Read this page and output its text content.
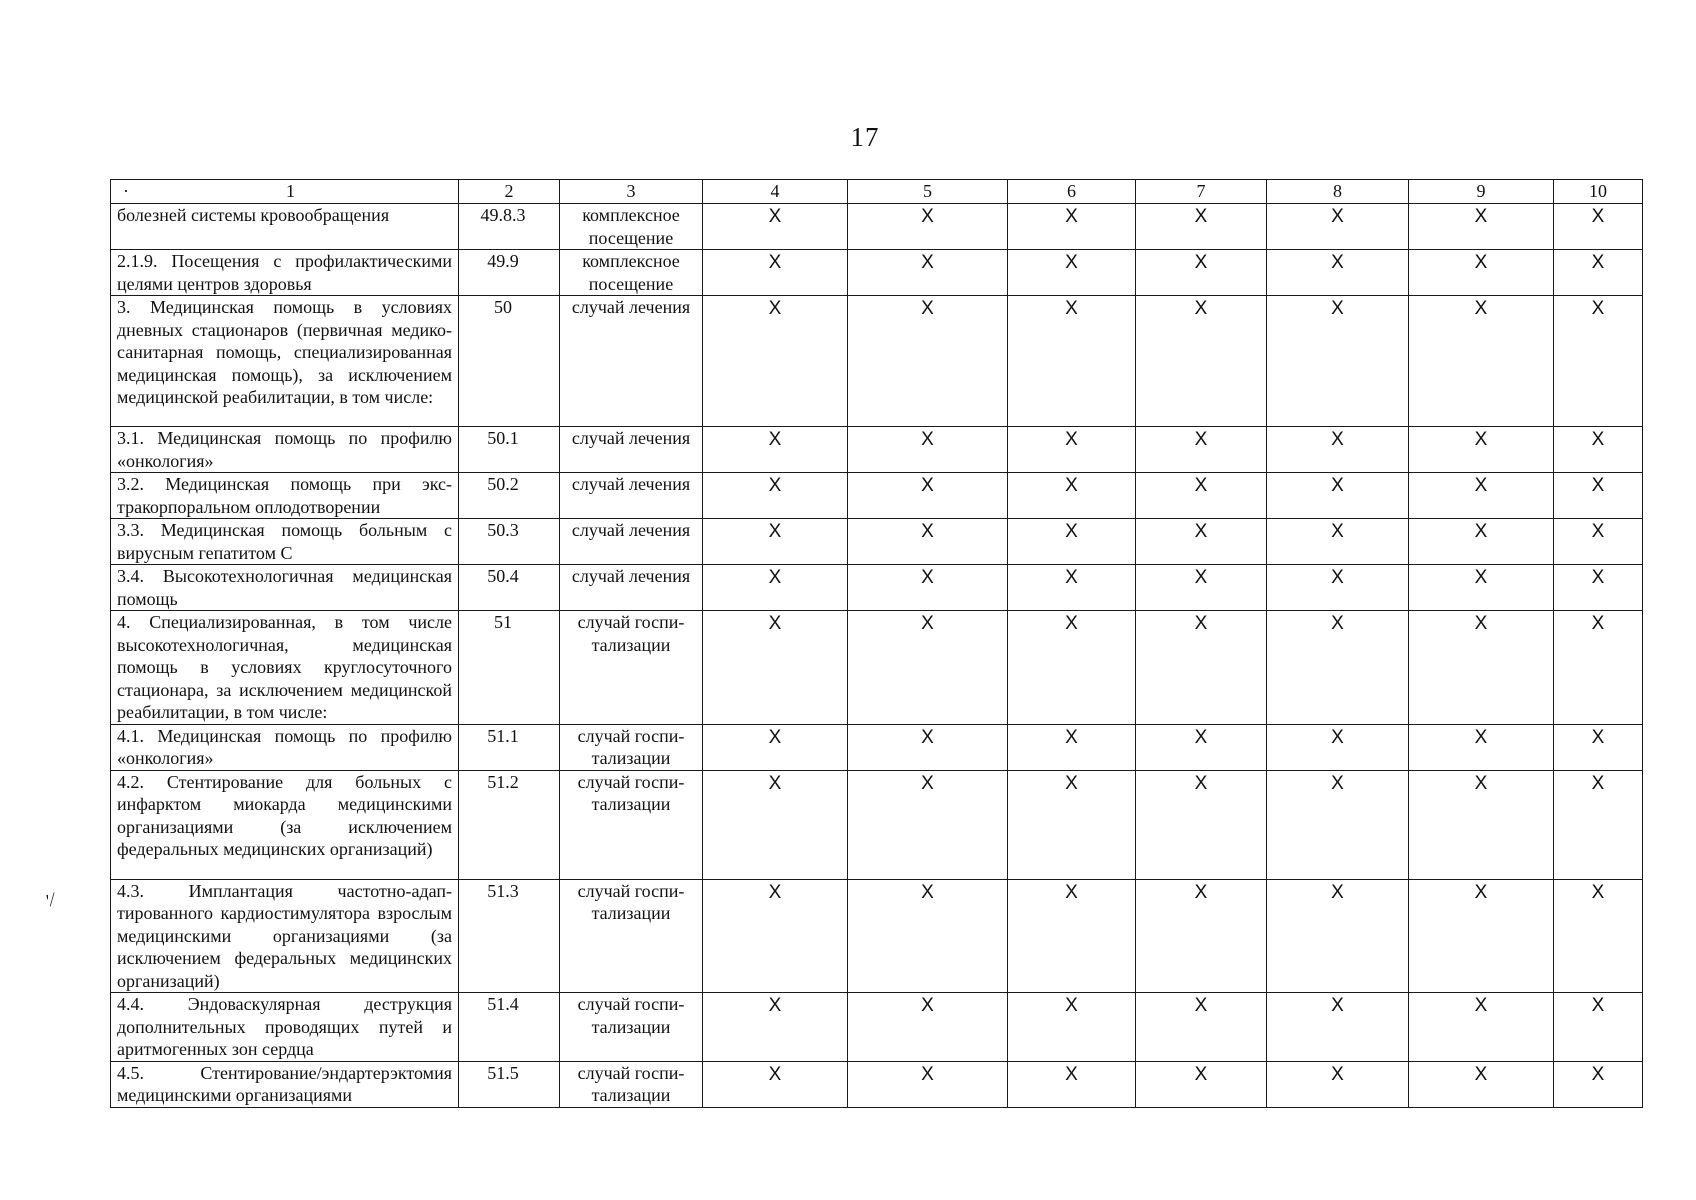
17
ʹ⁄
· 1	2	3	4	5	6	7	8	9	10
болезней системы кровообращения	49.8.3	комплексное посещение	X	X	X	X	X	X	X
2.1.9. Посещения с профилактическими целями центров здоровья	49.9	комплексное посещение	X	X	X	X	X	X	X
3. Медицинская помощь в условиях дневных стационаров (первичная медико-санитарная помощь, специализированная медицинская помощь), за исключением медицинской реабилитации, в том числе:	50	случай лечения	X	X	X	X	X	X	X
3.1. Медицинская помощь по профилю «онкология»	50.1	случай лечения	X	X	X	X	X	X	X
3.2. Медицинская помощь при экстракорпоральном оплодотворении	50.2	случай лечения	X	X	X	X	X	X	X
3.3. Медицинская помощь больным с вирусным гепатитом С	50.3	случай лечения	X	X	X	X	X	X	X
3.4. Высокотехнологичная медицинская помощь	50.4	случай лечения	X	X	X	X	X	X	X
4. Специализированная, в том числе высокотехнологичная, медицинская помощь в условиях круглосуточного стационара, за исключением медицинской реабилитации, в том числе:	51	случай госпитализации	X	X	X	X	X	X	X
4.1. Медицинская помощь по профилю «онкология»	51.1	случай госпитализации	X	X	X	X	X	X	X
4.2. Стентирование для больных с инфарктом миокарда медицинскими организациями (за исключением федеральных медицинских организаций)	51.2	случай госпитализации	X	X	X	X	X	X	X
4.3. Имплантация частотно-адаптированного кардиостимулятора взрослым медицинскими организациями (за исключением федеральных медицинских организаций)	51.3	случай госпитализации	X	X	X	X	X	X	X
4.4. Эндоваскулярная деструкция дополнительных проводящих путей и аритмогенных зон сердца	51.4	случай госпитализации	X	X	X	X	X	X	X
4.5. Стентирование/эндартерэктомия медицинскими организациями	51.5	случай госпитализации	X	X	X	X	X	X	X
